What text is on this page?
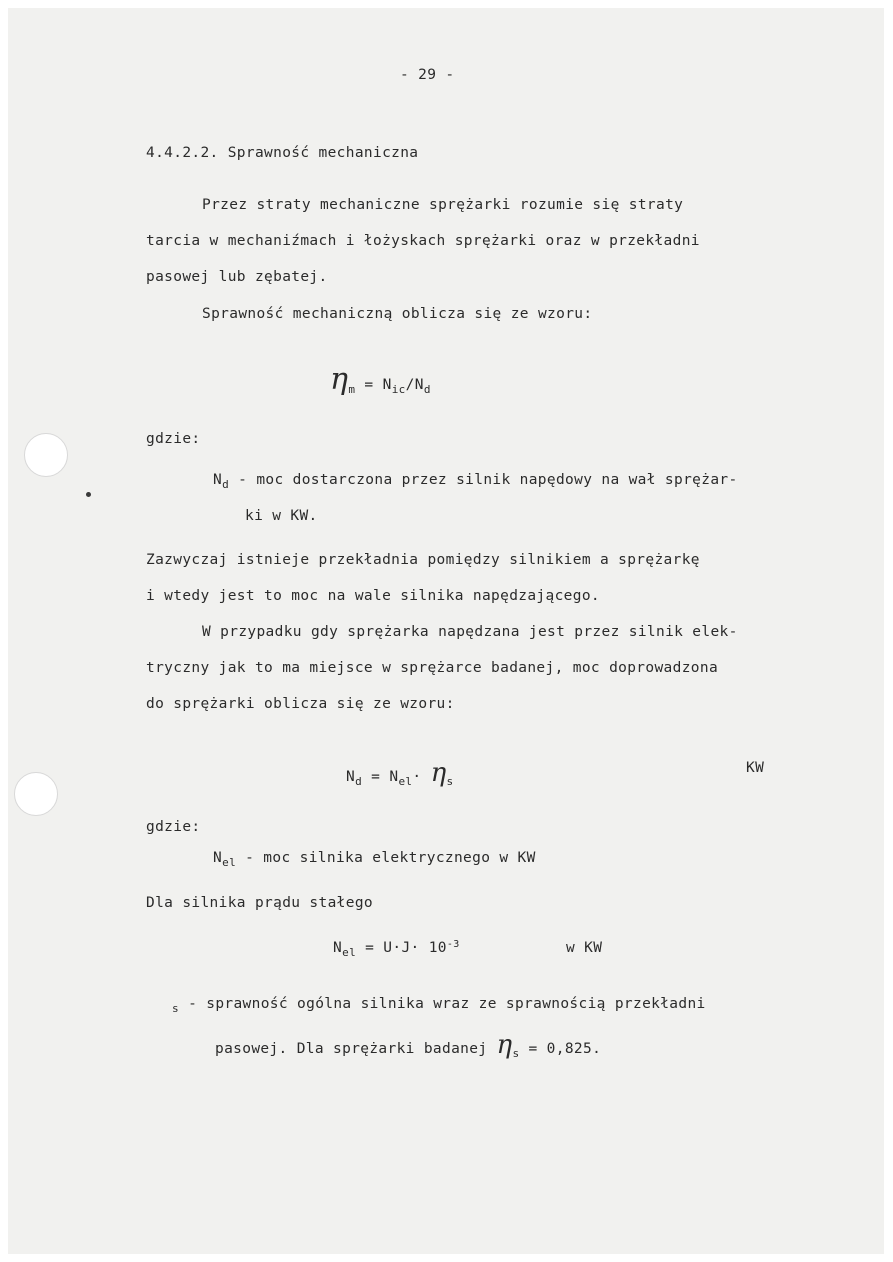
- 29 -
4.4.2.2. Sprawność mechaniczna
Przez straty mechaniczne sprężarki rozumie się straty
tarcia w mechaniźmach i łożyskach sprężarki oraz w przekładni
pasowej lub zębatej.
Sprawność mechaniczną oblicza się ze wzoru:
$\eta_m = N_{ic}/N_d$
gdzie:
$N_d$ - moc dostarczona przez silnik napędowy na wał sprężar-
ki w KW.
Zazwyczaj istnieje przekładnia pomiędzy silnikiem a sprężarkę
i wtedy jest to moc na wale silnika napędzającego.
W przypadku gdy sprężarka napędzana jest przez silnik elek-
tryczny jak to ma miejsce w sprężarce badanej, moc doprowadzona
do sprężarki oblicza się ze wzoru:
$N_d = N_{el}\cdot \eta_s$
KW
gdzie:
$N_{el}$ - moc silnika elektrycznego w KW
Dla silnika prądu stałego
$N_{el} = U\cdot J\cdot 10^{-3}$	w KW
$_s$ - sprawność ogólna silnika wraz ze sprawnością przekładni
pasowej. Dla sprężarki badanej $\eta_s = 0,825$.
